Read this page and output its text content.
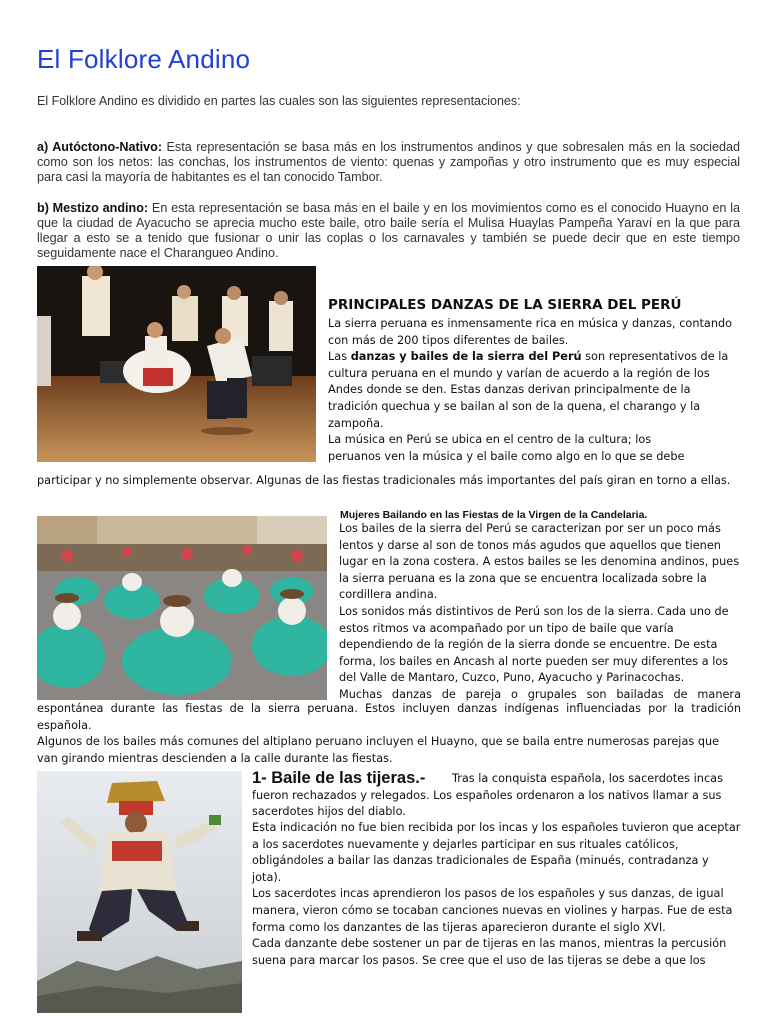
El Folklore Andino
El Folklore Andino es dividido en partes las cuales son las siguientes representaciones:
a) Autóctono-Nativo: Esta representación se basa más en los instrumentos andinos y que sobresalen más en la sociedad como son los netos: las conchas, los instrumentos de viento: quenas y zampoñas y otro instrumento que es muy especial para casi la mayoría de habitantes es el tan conocido Tambor.
b) Mestizo andino: En esta representación se basa más en el baile y en los movimientos como es el conocido Huayno en la que la ciudad de Ayacucho se aprecia mucho este baile, otro baile sería el Mulisa Huaylas Pampeña Yaraví en la que para llegar a esto se a tenido que fusionar o unir las coplas o los carnavales y también se puede decir que en este tiempo seguidamente nace el Charangueo Andino.
PRINCIPALES DANZAS DE LA SIERRA DEL PERÚ

La sierra peruana es inmensamente rica en música y danzas, contando con más de 200 tipos diferentes de bailes.

Las danzas y bailes de la sierra del Perú son representativos de la cultura peruana en el mundo y varían de acuerdo a la región de los Andes donde se den. Estas danzas derivan principalmente de la tradición quechua y se bailan al son de la quena, el charango y la zampoña.

La música en Perú se ubica en el centro de la cultura; los

peruanos ven la música y el baile como algo en lo que se debe

participar y no simplemente observar. Algunas de las fiestas tradicionales más importantes del país giran en torno a ellas.
Mujeres Bailando en las Fiestas de la Virgen de la Candelaria.

Los bailes de la sierra del Perú se caracterizan por ser un poco más lentos y darse al son de tonos más agudos que aquellos que tienen lugar en la zona costera. A estos bailes se les denomina andinos, pues la sierra peruana es la zona que se encuentra localizada sobre la cordillera andina.

Los sonidos más distintivos de Perú son los de la sierra. Cada uno de estos ritmos va acompañado por un tipo de baile que varía dependiendo de la región de la sierra donde se encuentre. De esta forma, los bailes en Ancash al norte pueden ser muy diferentes a los del Valle de Mantaro, Cuzco, Puno, Ayacucho y Parinacochas.

Muchas danzas de pareja o grupales son bailadas de manera

espontánea durante las fiestas de la sierra peruana. Estos incluyen danzas indígenas influenciadas por la tradición española.
Algunos de los bailes más comunes del altiplano peruano incluyen el Huayno, que se baila entre numerosas parejas que van girando mientras descienden a la calle durante las fiestas.
1- Baile de las tijeras.-	Tras la conquista española, los sacerdotes incas fueron rechazados y relegados. Los españoles ordenaron a los nativos llamar a sus sacerdotes hijos del diablo.

Esta indicación no fue bien recibida por los incas y los españoles tuvieron que aceptar a los sacerdotes nuevamente y dejarles participar en sus rituales católicos, obligándoles a bailar las danzas tradicionales de España (minués, contradanza y jota).

Los sacerdotes incas aprendieron los pasos de los españoles y sus danzas, de igual manera, vieron cómo se tocaban canciones nuevas en violines y harpas. Fue de esta forma como los danzantes de las tijeras aparecieron durante el siglo XVI.

Cada danzante debe sostener un par de tijeras en las manos, mientras la percusión suena para marcar los pasos. Se cree que el uso de las tijeras se debe a que los
